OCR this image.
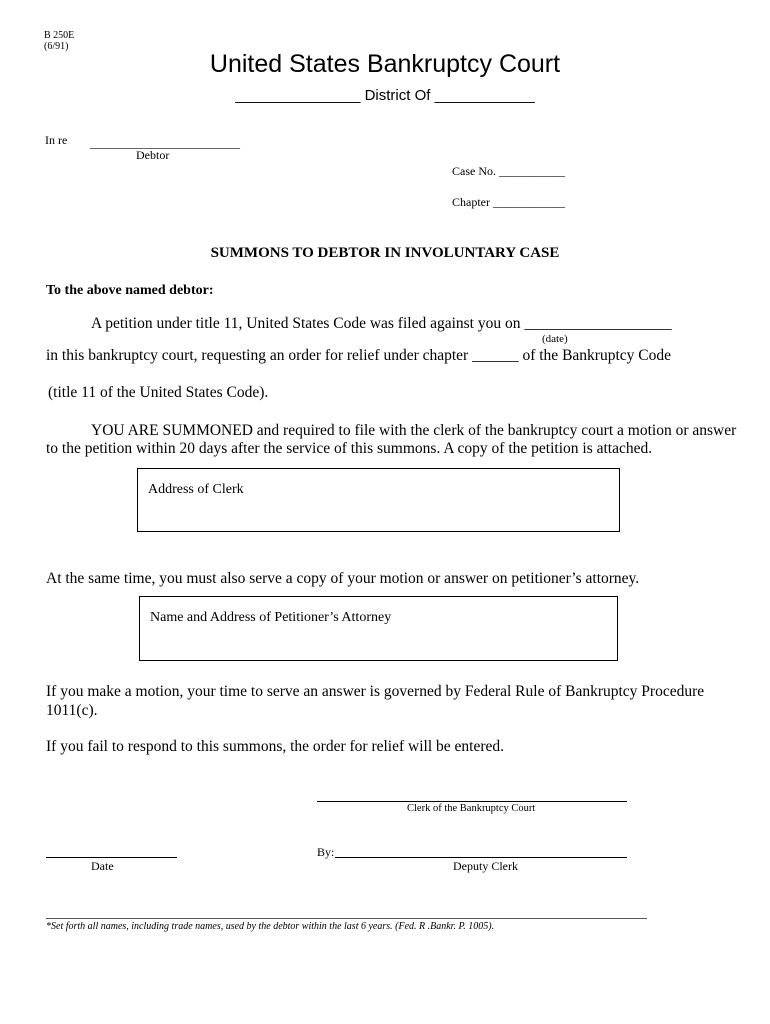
B 250E
(6/91)
United States Bankruptcy Court
_______________ District Of ____________
In re _________________________
Debtor
Case No. ___________
Chapter ____________
SUMMONS TO DEBTOR IN INVOLUNTARY CASE
To the above named debtor:
A petition under title 11, United States Code was filed against you on ___________________
(date)
in this bankruptcy court, requesting an order for relief under chapter ______ of the Bankruptcy Code
(title 11 of the United States Code).
YOU ARE SUMMONED and required to file with the clerk of the bankruptcy court a motion or answer
to the petition within 20 days after the service of this summons. A copy of the petition is attached.
Address of Clerk
At the same time, you must also serve a copy of your motion or answer on petitioner’s attorney.
Name and Address of Petitioner’s Attorney
If you make a motion, your time to serve an answer is governed by Federal Rule of Bankruptcy Procedure
1011(c).
If you fail to respond to this summons, the order for relief will be entered.
Clerk of the Bankruptcy Court
By:
Date	Deputy Clerk
*Set forth all names, including trade names, used by the debtor within the last 6 years. (Fed. R .Bankr. P. 1005).
